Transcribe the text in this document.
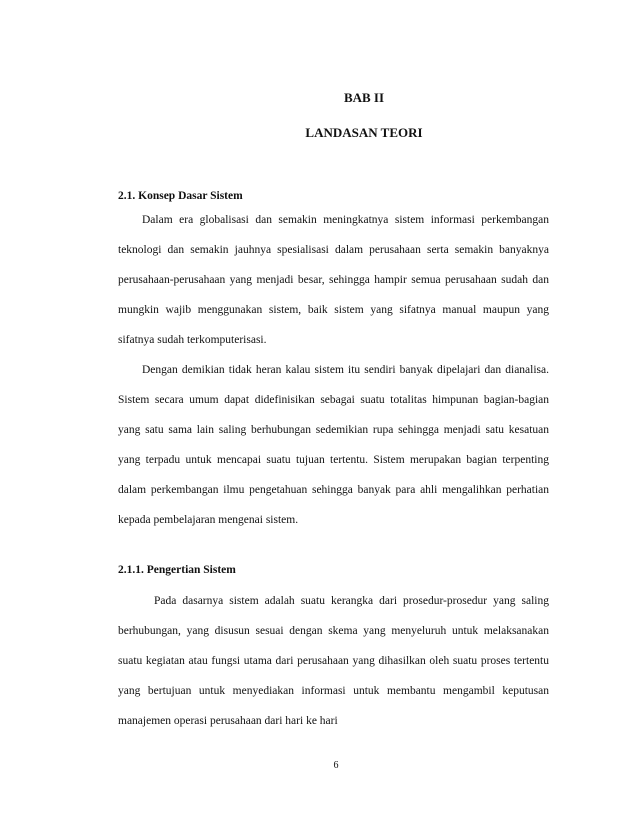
BAB II
LANDASAN TEORI
2.1. Konsep Dasar Sistem

Dalam era globalisasi dan semakin meningkatnya sistem informasi perkembangan teknologi dan semakin jauhnya spesialisasi dalam perusahaan serta semakin banyaknya perusahaan-perusahaan yang menjadi besar, sehingga hampir semua perusahaan sudah dan mungkin wajib menggunakan sistem, baik sistem yang sifatnya manual maupun yang sifatnya sudah terkomputerisasi.

Dengan demikian tidak heran kalau sistem itu sendiri banyak dipelajari dan dianalisa. Sistem secara umum dapat didefinisikan sebagai suatu totalitas himpunan bagian-bagian yang satu sama lain saling berhubungan sedemikian rupa sehingga menjadi satu kesatuan yang terpadu untuk mencapai suatu tujuan tertentu. Sistem merupakan bagian terpenting dalam perkembangan ilmu pengetahuan sehingga banyak para ahli mengalihkan perhatian kepada pembelajaran mengenai sistem.

2.1.1. Pengertian Sistem

Pada dasarnya sistem adalah suatu kerangka dari prosedur-prosedur yang saling berhubungan, yang disusun sesuai dengan skema yang menyeluruh untuk melaksanakan suatu kegiatan atau fungsi utama dari perusahaan yang dihasilkan oleh suatu proses tertentu yang bertujuan untuk menyediakan informasi untuk membantu mengambil keputusan manajemen operasi perusahaan dari hari ke hari

6
